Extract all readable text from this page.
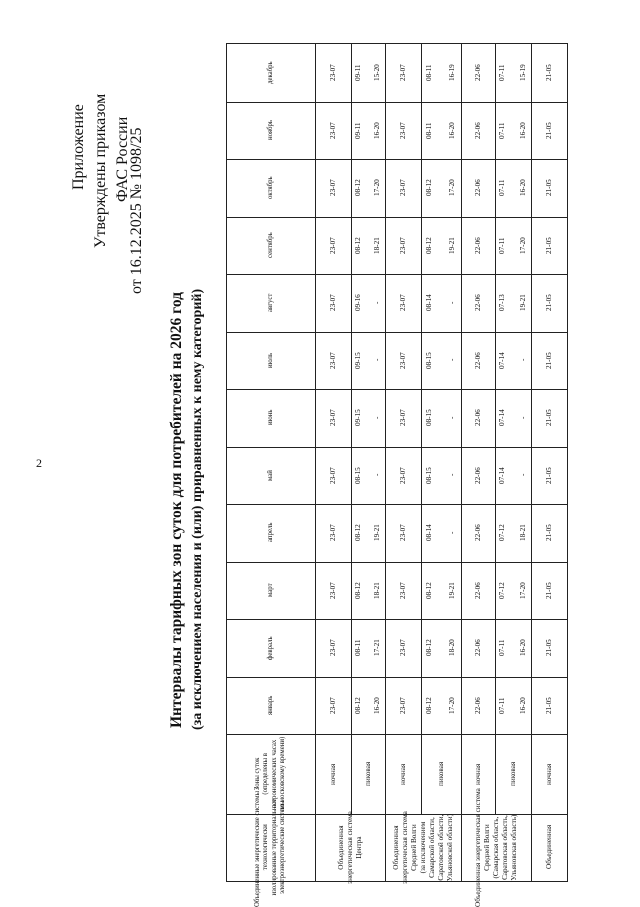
2
Приложение Утверждены приказом ФАС России
от 16.12.2025 № 1098/25
Интервалы тарифных зон суток для потребителей на 2026 год (за исключением населения и (или) приравненных к нему категорий)
Объединенные энергетические системы /
технологически
изолированные территориальные
электроэнергетические системы
Зоны суток
(определены в
астрономических часах
по московскому времени)
январь
февраль
март
апрель
май
июнь
июль
август
сентябрь
октябрь
ноябрь
декабрь
Объединенная
энергетическая система
Центра	Объединенная
энергетическая система
Средней Волги
(за исключением
Самарской области,
Саратовской области,
Ульяновской области)
Объединенная энергетическая система
Средней Волги
(Самарская область,
Саратовская область,
Ульяновская область)	Объединенная
ночная
23-07
23-07
23-07
23-07
23-07
23-07
23-07
23-07
23-07
23-07
23-07
23-07
пиковая
08-12 16-20
08-11 17-21
08-12 18-21
08-12 19-21
08-15 -
09-15 -
09-15 -
09-16 -
08-12 18-21
08-12 17-20
09-11 16-20
09-11 15-20
ночная
23-07
23-07
23-07
23-07
23-07
23-07
23-07
23-07
23-07
23-07
23-07
23-07
пиковая
08-12 17-20
08-12 18-20
08-12 19-21
08-14 -
08-15 -
08-15 -
08-15 -
08-14 -
08-12 19-21
08-12 17-20
08-11 16-20
08-11 16-19
ночная
22-06
22-06
22-06
22-06
22-06
22-06
22-06
22-06
22-06
22-06
22-06
22-06
пиковая
07-11 16-20
07-11 16-20
07-12 17-20
07-12 18-21
07-14 -
07-14 -
07-14 -
07-13 19-21
07-11 17-20
07-11 16-20
07-11 16-20
07-11 15-19
ночная
21-05
21-05
21-05
21-05
21-05
21-05
21-05
21-05
21-05
21-05
21-05
21-05
